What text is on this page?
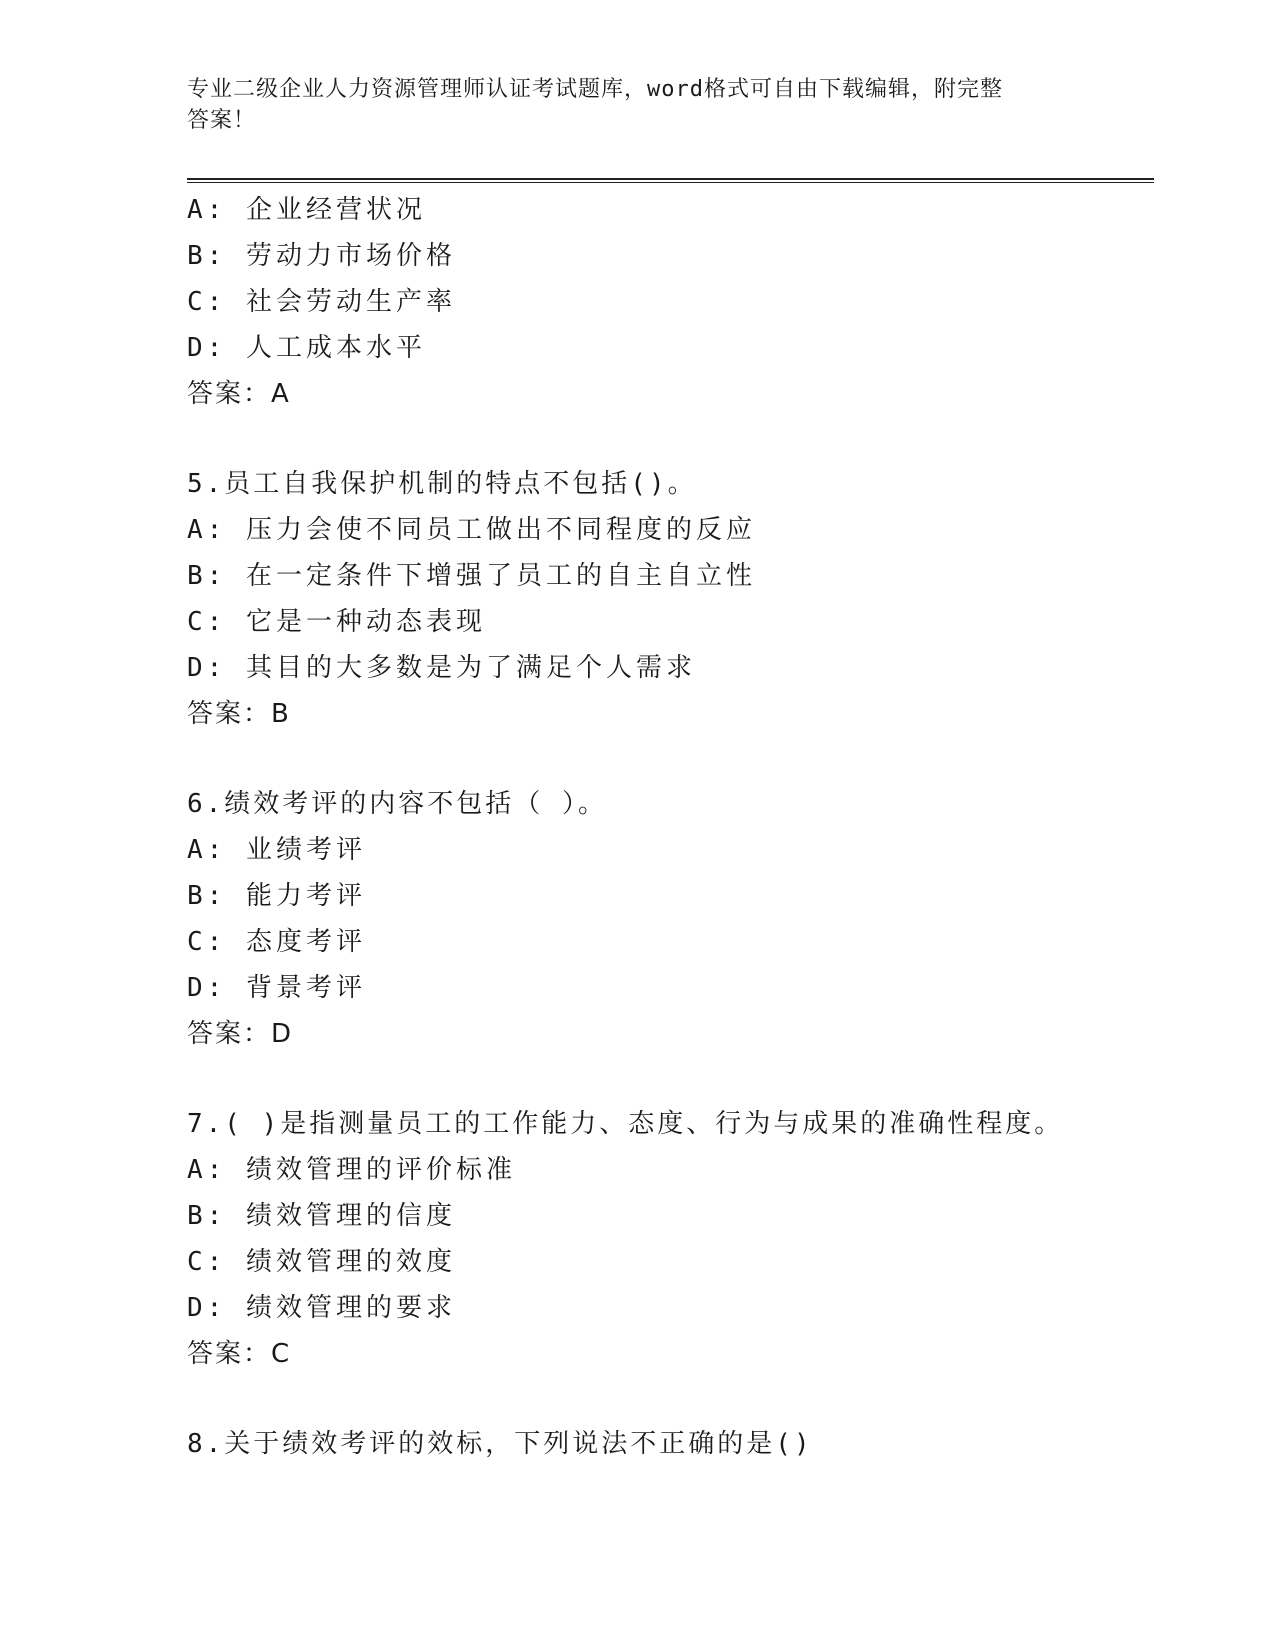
专业二级企业人力资源管理师认证考试题库，word格式可自由下载编辑，附完整
答案！
A: 企业经营状况
B: 劳动力市场价格
C: 社会劳动生产率
D: 人工成本水平
答案：A
5.员工自我保护机制的特点不包括()。
A: 压力会使不同员工做出不同程度的反应
B: 在一定条件下增强了员工的自主自立性
C: 它是一种动态表现
D: 其目的大多数是为了满足个人需求
答案：B
6.绩效考评的内容不包括（ ）。
A: 业绩考评
B: 能力考评
C: 态度考评
D: 背景考评
答案：D
7.( )是指测量员工的工作能力、态度、行为与成果的准确性程度。
A: 绩效管理的评价标准
B: 绩效管理的信度
C: 绩效管理的效度
D: 绩效管理的要求
答案：C
8.关于绩效考评的效标，下列说法不正确的是()
